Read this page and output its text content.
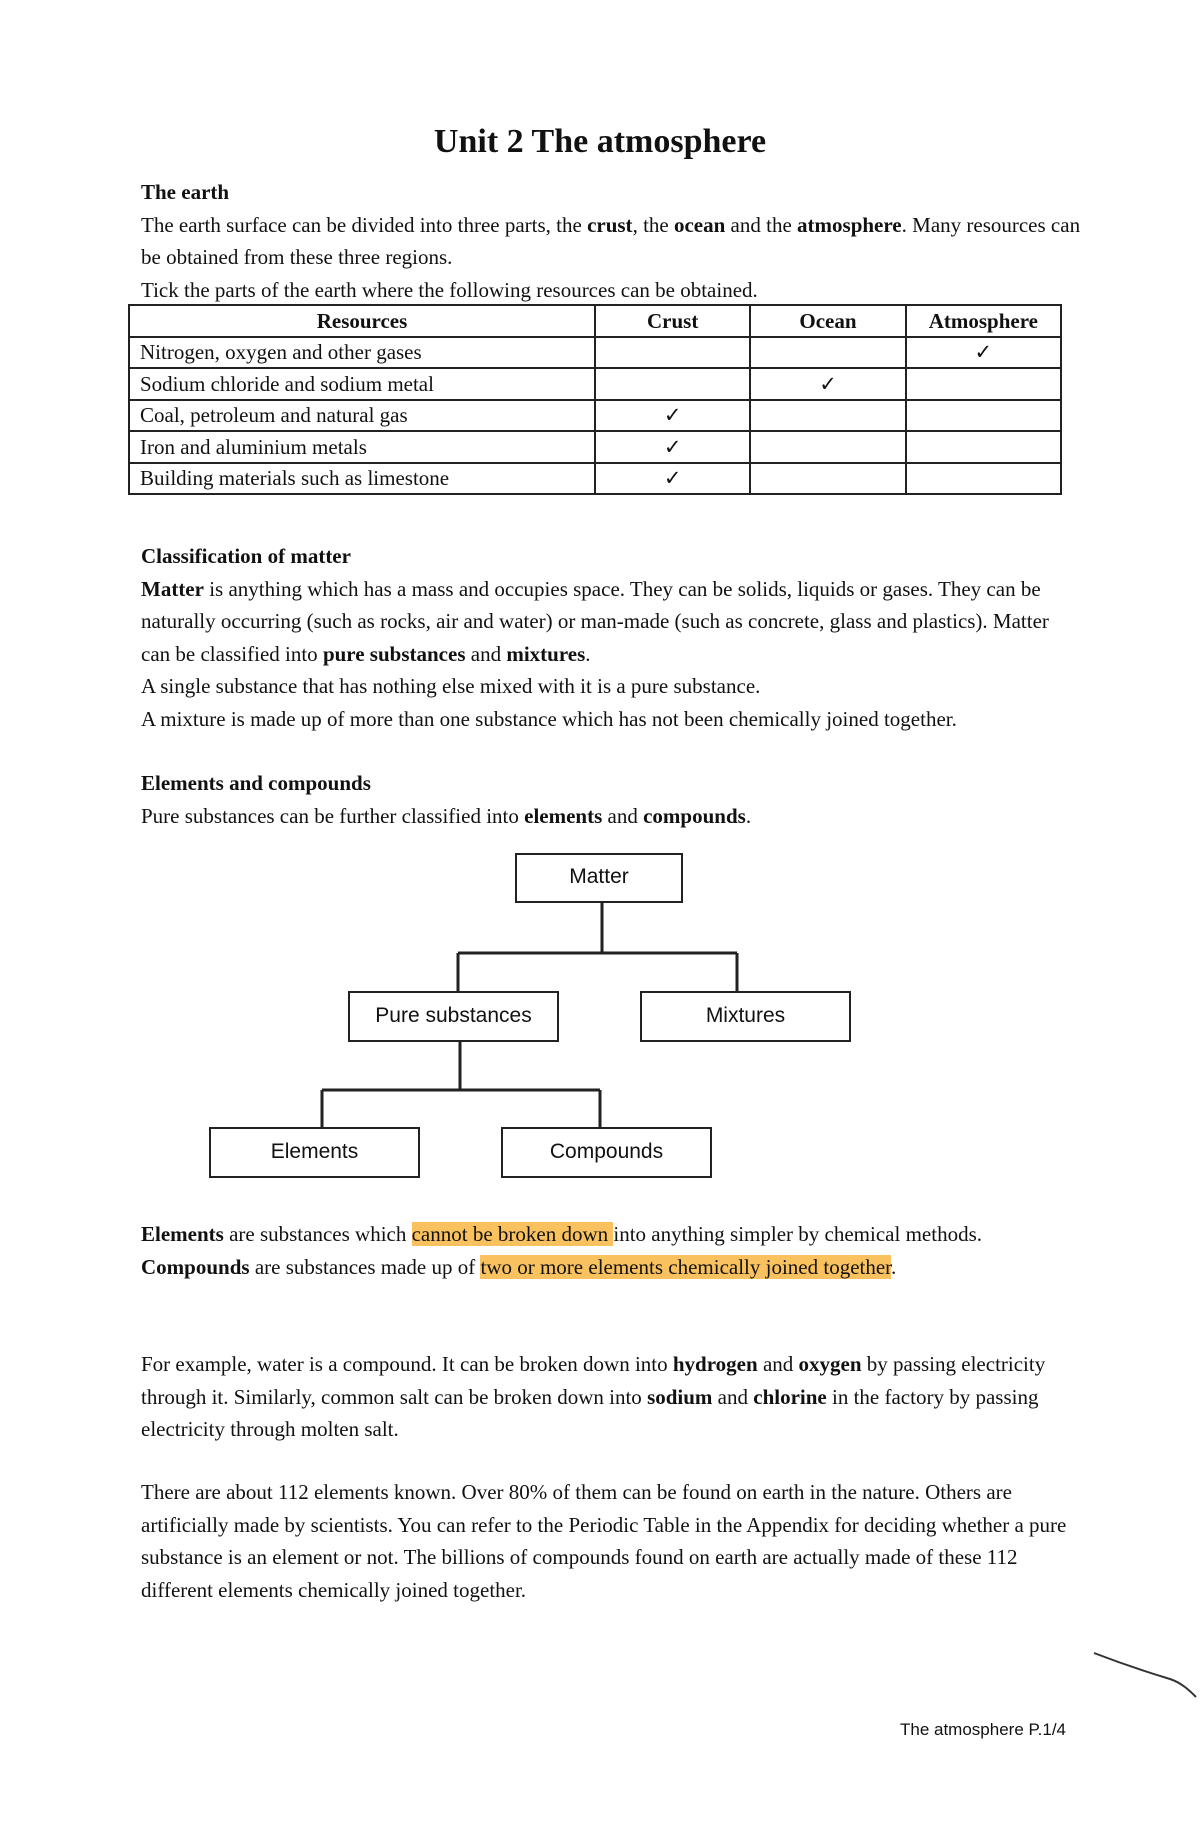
Unit 2 The atmosphere
The earth

The earth surface can be divided into three parts, the crust, the ocean and the atmosphere. Many resources can be obtained from these three regions.

Tick the parts of the earth where the following resources can be obtained.

Resources	Crust	Ocean	Atmosphere
Nitrogen, oxygen and other gases			✓
Sodium chloride and sodium metal		✓	
Coal, petroleum and natural gas	✓		
Iron and aluminium metals	✓		
Building materials such as limestone	✓		
Classification of matter

Matter is anything which has a mass and occupies space. They can be solids, liquids or gases. They can be naturally occurring (such as rocks, air and water) or man-made (such as concrete, glass and plastics). Matter can be classified into pure substances and mixtures.

A single substance that has nothing else mixed with it is a pure substance.

A mixture is made up of more than one substance which has not been chemically joined together.

Elements and compounds

Pure substances can be further classified into elements and compounds.

Matter
Pure substances	Mixtures
Elements	Compounds

Elements are substances which cannot be broken down into anything simpler by chemical methods.

Compounds are substances made up of two or more elements chemically joined together.

For example, water is a compound. It can be broken down into hydrogen and oxygen by passing electricity through it. Similarly, common salt can be broken down into sodium and chlorine in the factory by passing electricity through molten salt.

There are about 112 elements known. Over 80% of them can be found on earth in the nature. Others are artificially made by scientists. You can refer to the Periodic Table in the Appendix for deciding whether a pure substance is an element or not. The billions of compounds found on earth are actually made of these 112 different elements chemically joined together.

The atmosphere P.1/4
